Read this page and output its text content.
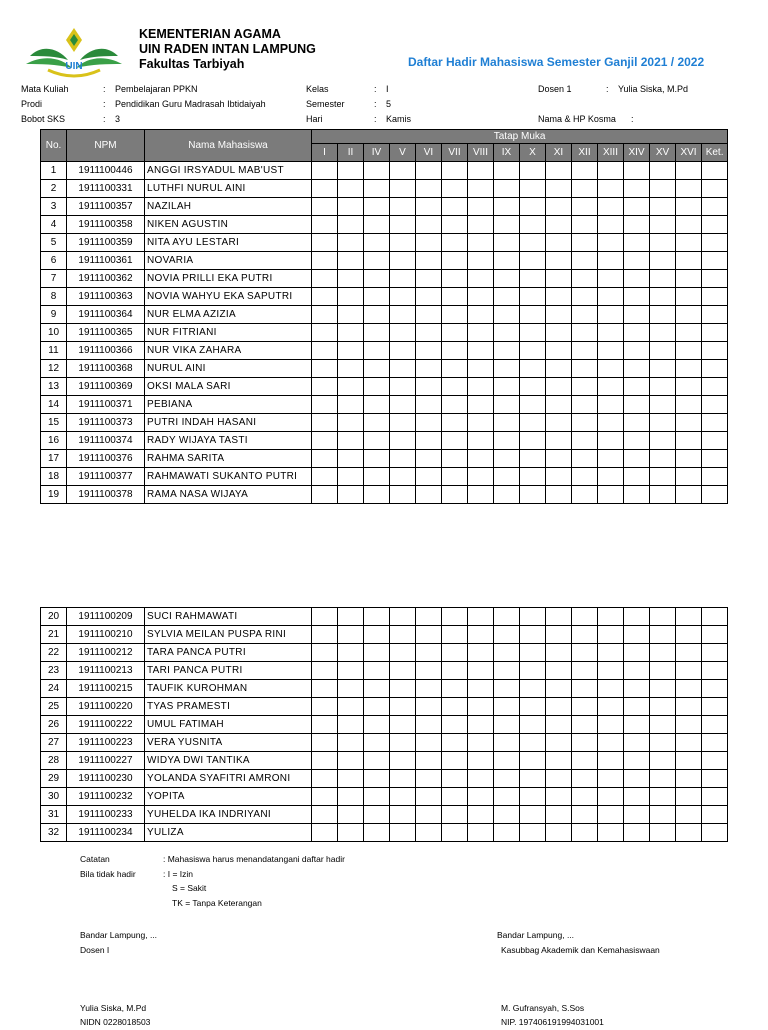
UIN
KEMENTERIAN AGAMA
UIN RADEN INTAN LAMPUNG
Fakultas Tarbiyah	Daftar Hadir Mahasiswa Semester Ganjil 2021 / 2022
Mata Kuliah	: Pembelajaran PPKN
Prodi	: Pendidikan Guru Madrasah Ibtidaiyah
Bobot SKS	: 3
Kelas	: I
Semester	: 5
Hari	: Kamis
Dosen 1	: Yulia Siska, M.Pd
Nama & HP Kosma :
No.	NPM	Nama Mahasiswa	Tatap Muka															
			I	II	IV	V	VI	VII	VIII	IX	X	XI	XII	XIII	XIV	XV	XVI	Ket.
1	1911100446	ANGGI IRSYADUL MAB'UST																
2	1911100331	LUTHFI NURUL AINI																
3	1911100357	NAZILAH																
4	1911100358	NIKEN AGUSTIN																
5	1911100359	NITA AYU LESTARI																
6	1911100361	NOVARIA																
7	1911100362	NOVIA PRILLI EKA PUTRI																
8	1911100363	NOVIA WAHYU EKA SAPUTRI																
9	1911100364	NUR ELMA AZIZIA																
10	1911100365	NUR FITRIANI																
11	1911100366	NUR VIKA ZAHARA																
12	1911100368	NURUL AINI																
13	1911100369	OKSI MALA SARI																
14	1911100371	PEBIANA																
15	1911100373	PUTRI INDAH HASANI																
16	1911100374	RADY WIJAYA TASTI																
17	1911100376	RAHMA SARITA																
18	1911100377	RAHMAWATI SUKANTO PUTRI																
19	1911100378	RAMA NASA WIJAYA																
20	1911100209	SUCI RAHMAWATI																
21	1911100210	SYLVIA MEILAN PUSPA RINI																
22	1911100212	TARA PANCA PUTRI																
23	1911100213	TARI PANCA PUTRI																
24	1911100215	TAUFIK KUROHMAN																
25	1911100220	TYAS PRAMESTI																
26	1911100222	UMUL FATIMAH																
27	1911100223	VERA YUSNITA																
28	1911100227	WIDYA DWI TANTIKA																
29	1911100230	YOLANDA SYAFITRI AMRONI																
30	1911100232	YOPITA																
31	1911100233	YUHELDA IKA INDRIYANI																
32	1911100234	YULIZA																
Catatan	: Mahasiswa harus menandatangani daftar hadir
Bila tidak hadir	: I = Izin
S = Sakit
TK = Tanpa Keterangan
Bandar Lampung, ...
Dosen I
Yulia Siska, M.Pd
NIDN 0228018503
Bandar Lampung, ...
Kasubbag Akademik dan Kemahasiswaan
M. Gufransyah, S.Sos
NIP. 197406191994031001
